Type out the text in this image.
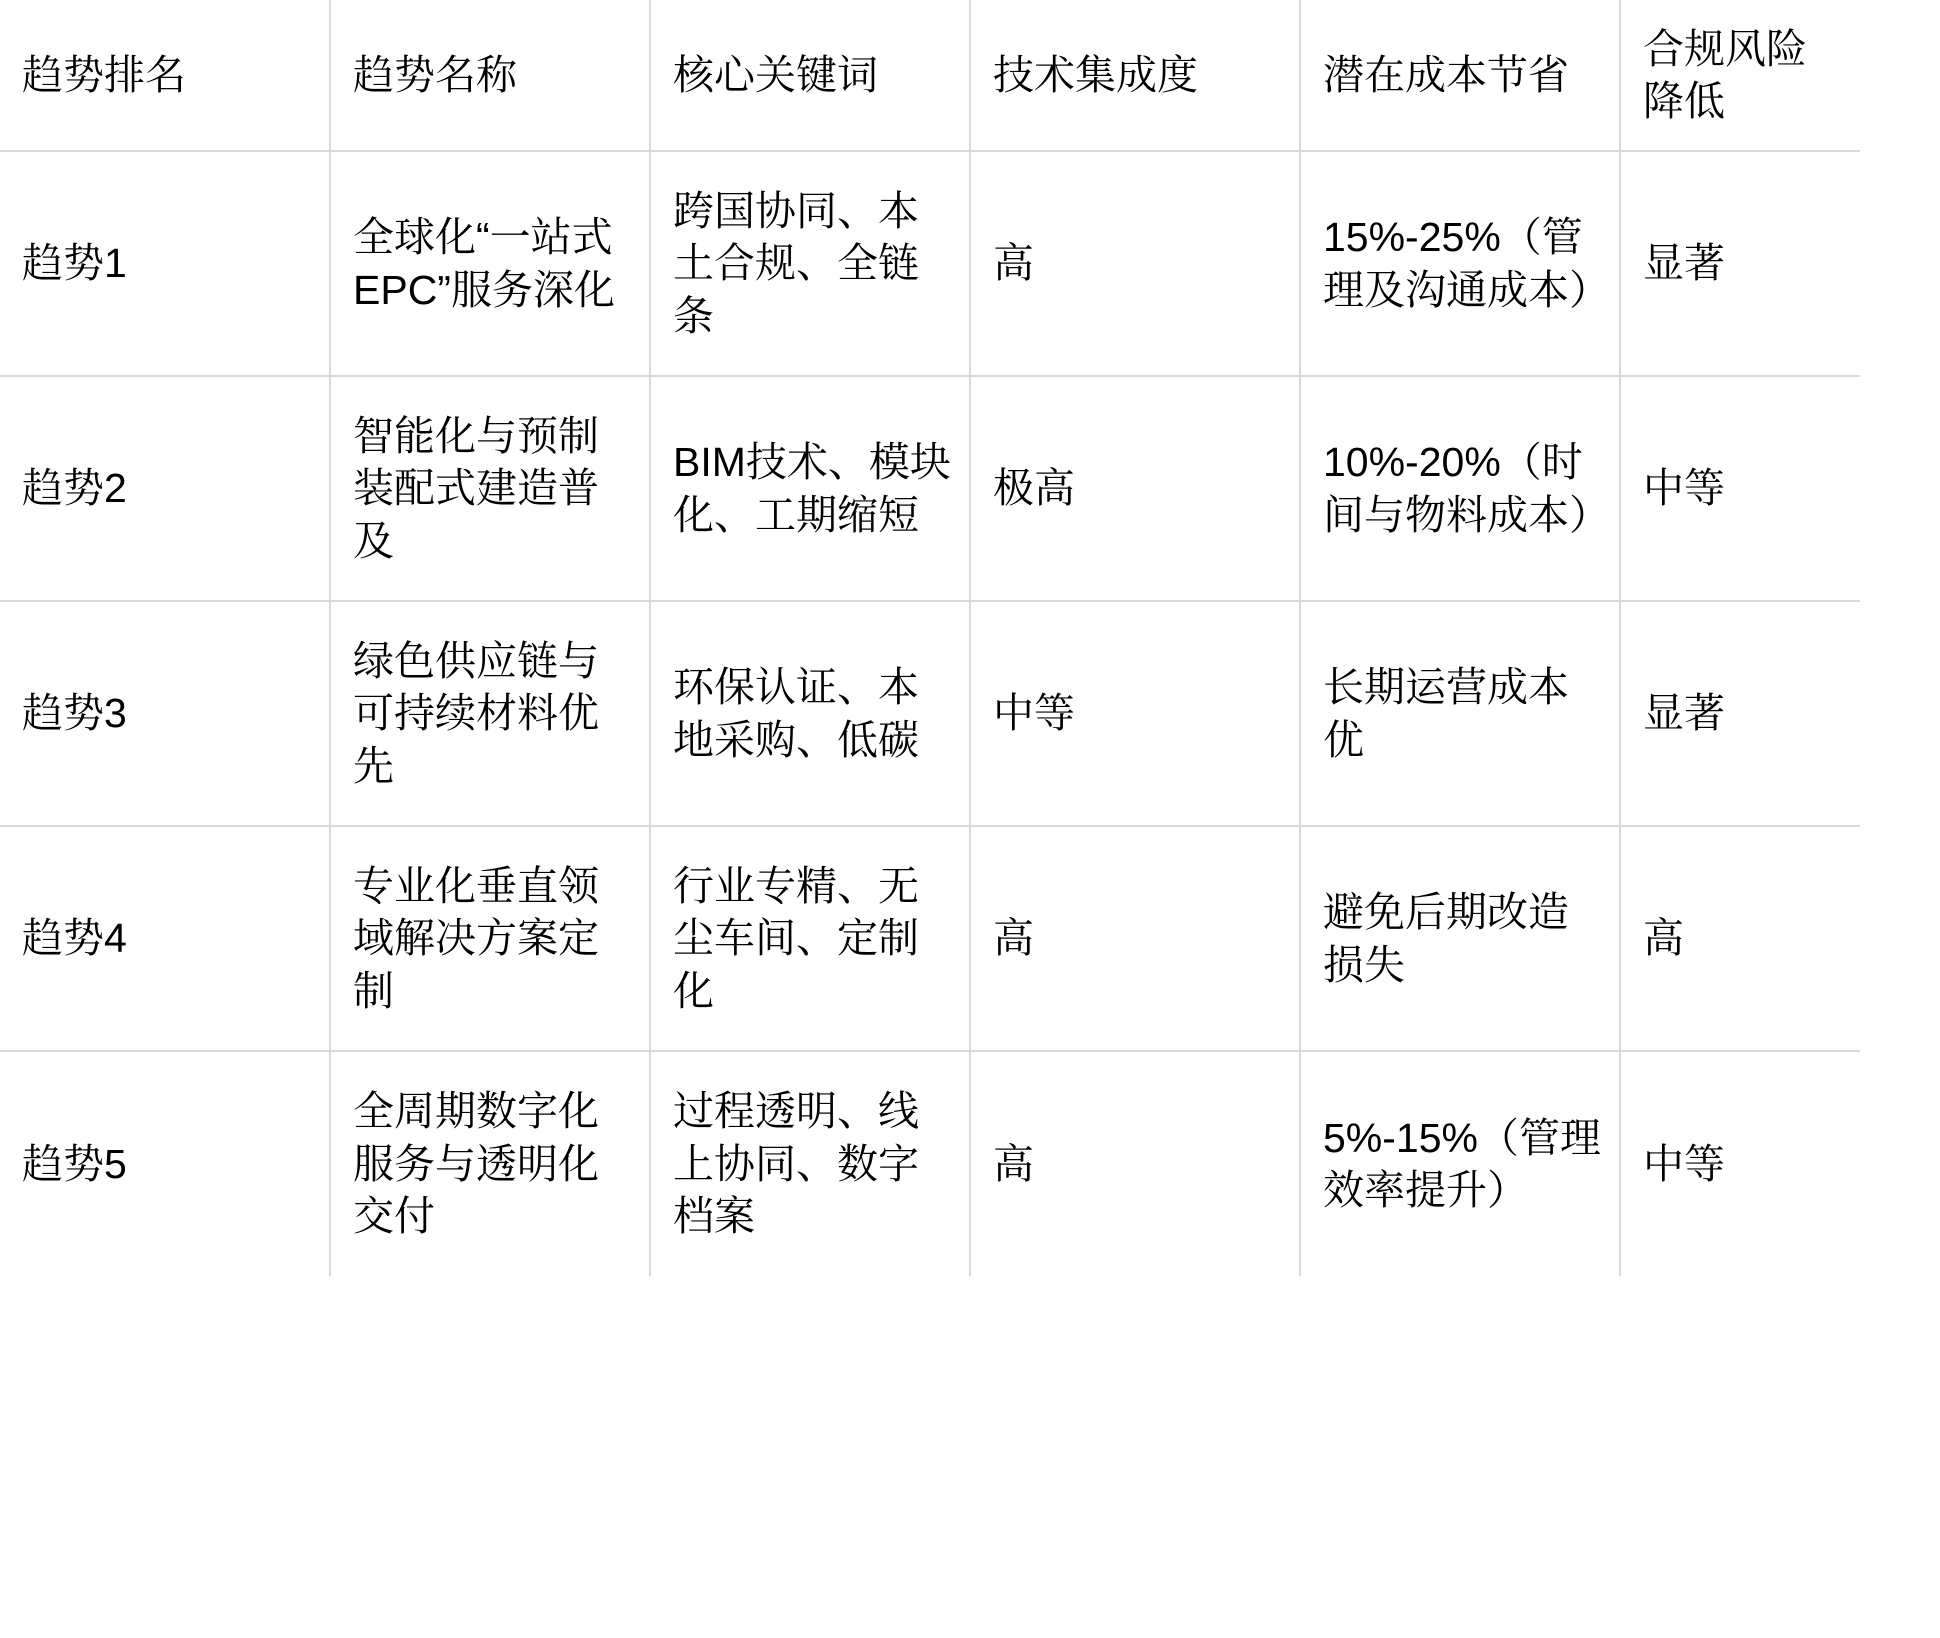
趋势排名	趋势名称	核心关键词	技术集成度	潜在成本节省	合规风险降低
趋势1	全球化“一站式EPC”服务深化	跨国协同、本土合规、全链条	高	15%-25%（管理及沟通成本）	显著
趋势2	智能化与预制装配式建造普及	BIM技术、模块化、工期缩短	极高	10%-20%（时间与物料成本）	中等
趋势3	绿色供应链与可持续材料优先	环保认证、本地采购、低碳	中等	长期运营成本优	显著
趋势4	专业化垂直领域解决方案定制	行业专精、无尘车间、定制化	高	避免后期改造损失	高
趋势5	全周期数字化服务与透明化交付	过程透明、线上协同、数字档案	高	5%-15%（管理效率提升）	中等
